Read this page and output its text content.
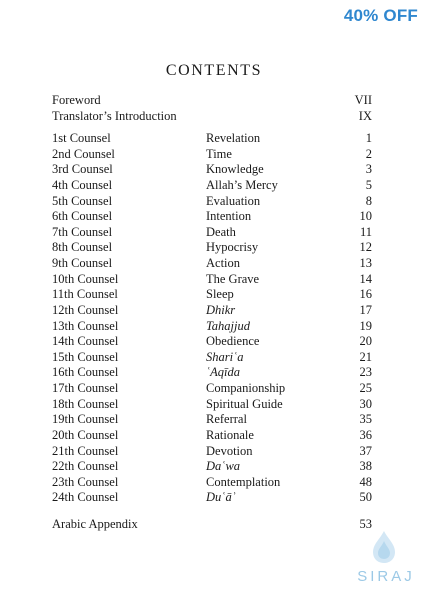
40% OFF
CONTENTS
Foreword	VII
Translator’s Introduction	IX
1st Counsel	Revelation	1
2nd Counsel	Time	2
3rd Counsel	Knowledge	3
4th Counsel	Allah’s Mercy	5
5th Counsel	Evaluation	8
6th Counsel	Intention	10
7th Counsel	Death	11
8th Counsel	Hypocrisy	12
9th Counsel	Action	13
10th Counsel	The Grave	14
11th Counsel	Sleep	16
12th Counsel	Dhikr	17
13th Counsel	Tahajjud	19
14th Counsel	Obedience	20
15th Counsel	Shariʿa	21
16th Counsel	ʿAqīda	23
17th Counsel	Companionship	25
18th Counsel	Spiritual Guide	30
19th Counsel	Referral	35
20th Counsel	Rationale	36
21th Counsel	Devotion	37
22th Counsel	Daʿwa	38
23th Counsel	Contemplation	48
24th Counsel	Duʿāʾ	50
Arabic Appendix	53
SIRAJ
